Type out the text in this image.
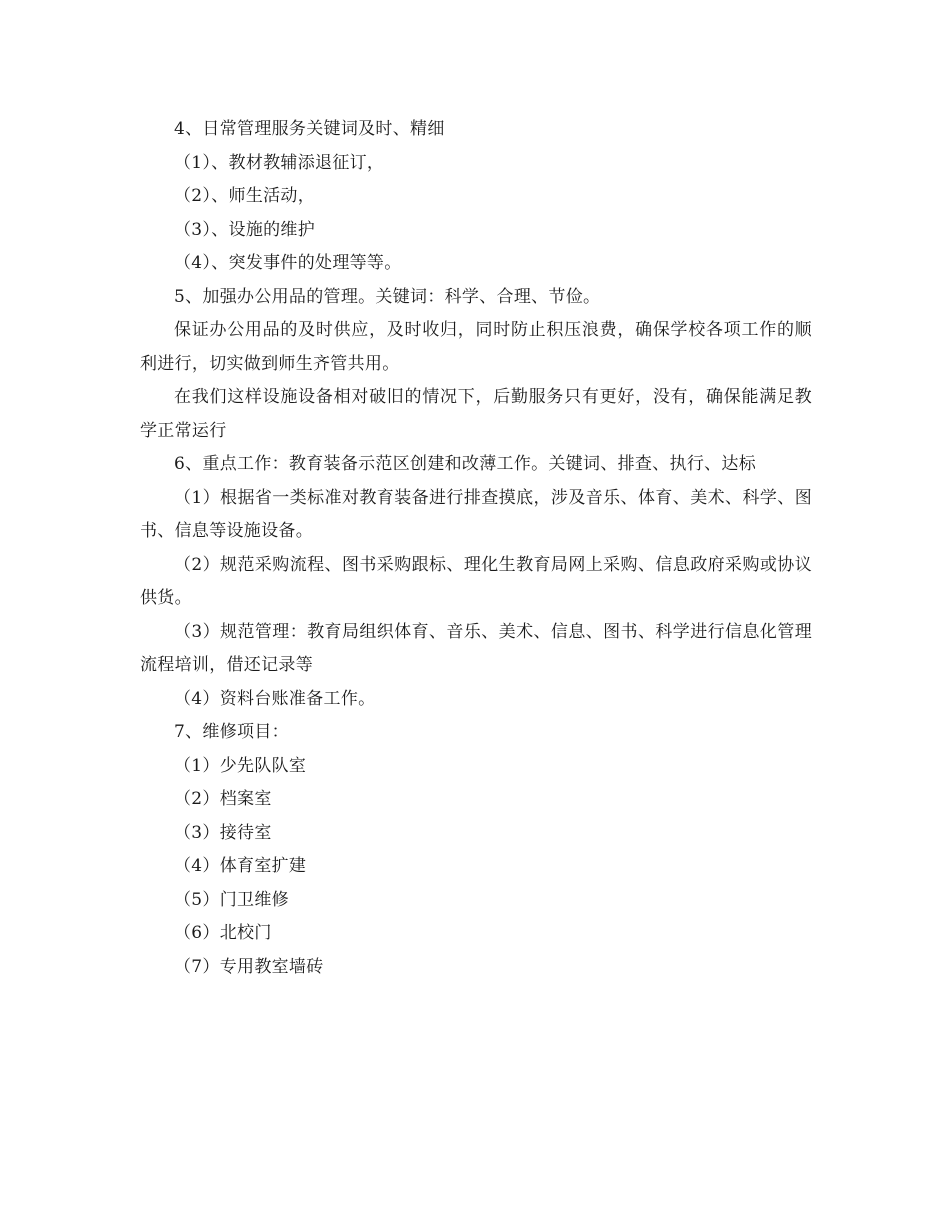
4、日常管理服务关键词及时、精细

（1）、教材教辅添退征订，

（2）、师生活动，

（3）、设施的维护

（4）、突发事件的处理等等。

5、加强办公用品的管理。关键词：科学、合理、节俭。

保证办公用品的及时供应，及时收归，同时防止积压浪费，确保学校各项工作的顺利进行，切实做到师生齐管共用。

在我们这样设施设备相对破旧的情况下，后勤服务只有更好，没有，确保能满足教学正常运行

6、重点工作：教育装备示范区创建和改薄工作。关键词、排查、执行、达标

（1）根据省一类标准对教育装备进行排查摸底，涉及音乐、体育、美术、科学、图书、信息等设施设备。

（2）规范采购流程、图书采购跟标、理化生教育局网上采购、信息政府采购或协议供货。

（3）规范管理：教育局组织体育、音乐、美术、信息、图书、科学进行信息化管理流程培训，借还记录等

（4）资料台账准备工作。

7、维修项目：

（1）少先队队室

（2）档案室

（3）接待室

（4）体育室扩建

（5）门卫维修

（6）北校门

（7）专用教室墙砖
